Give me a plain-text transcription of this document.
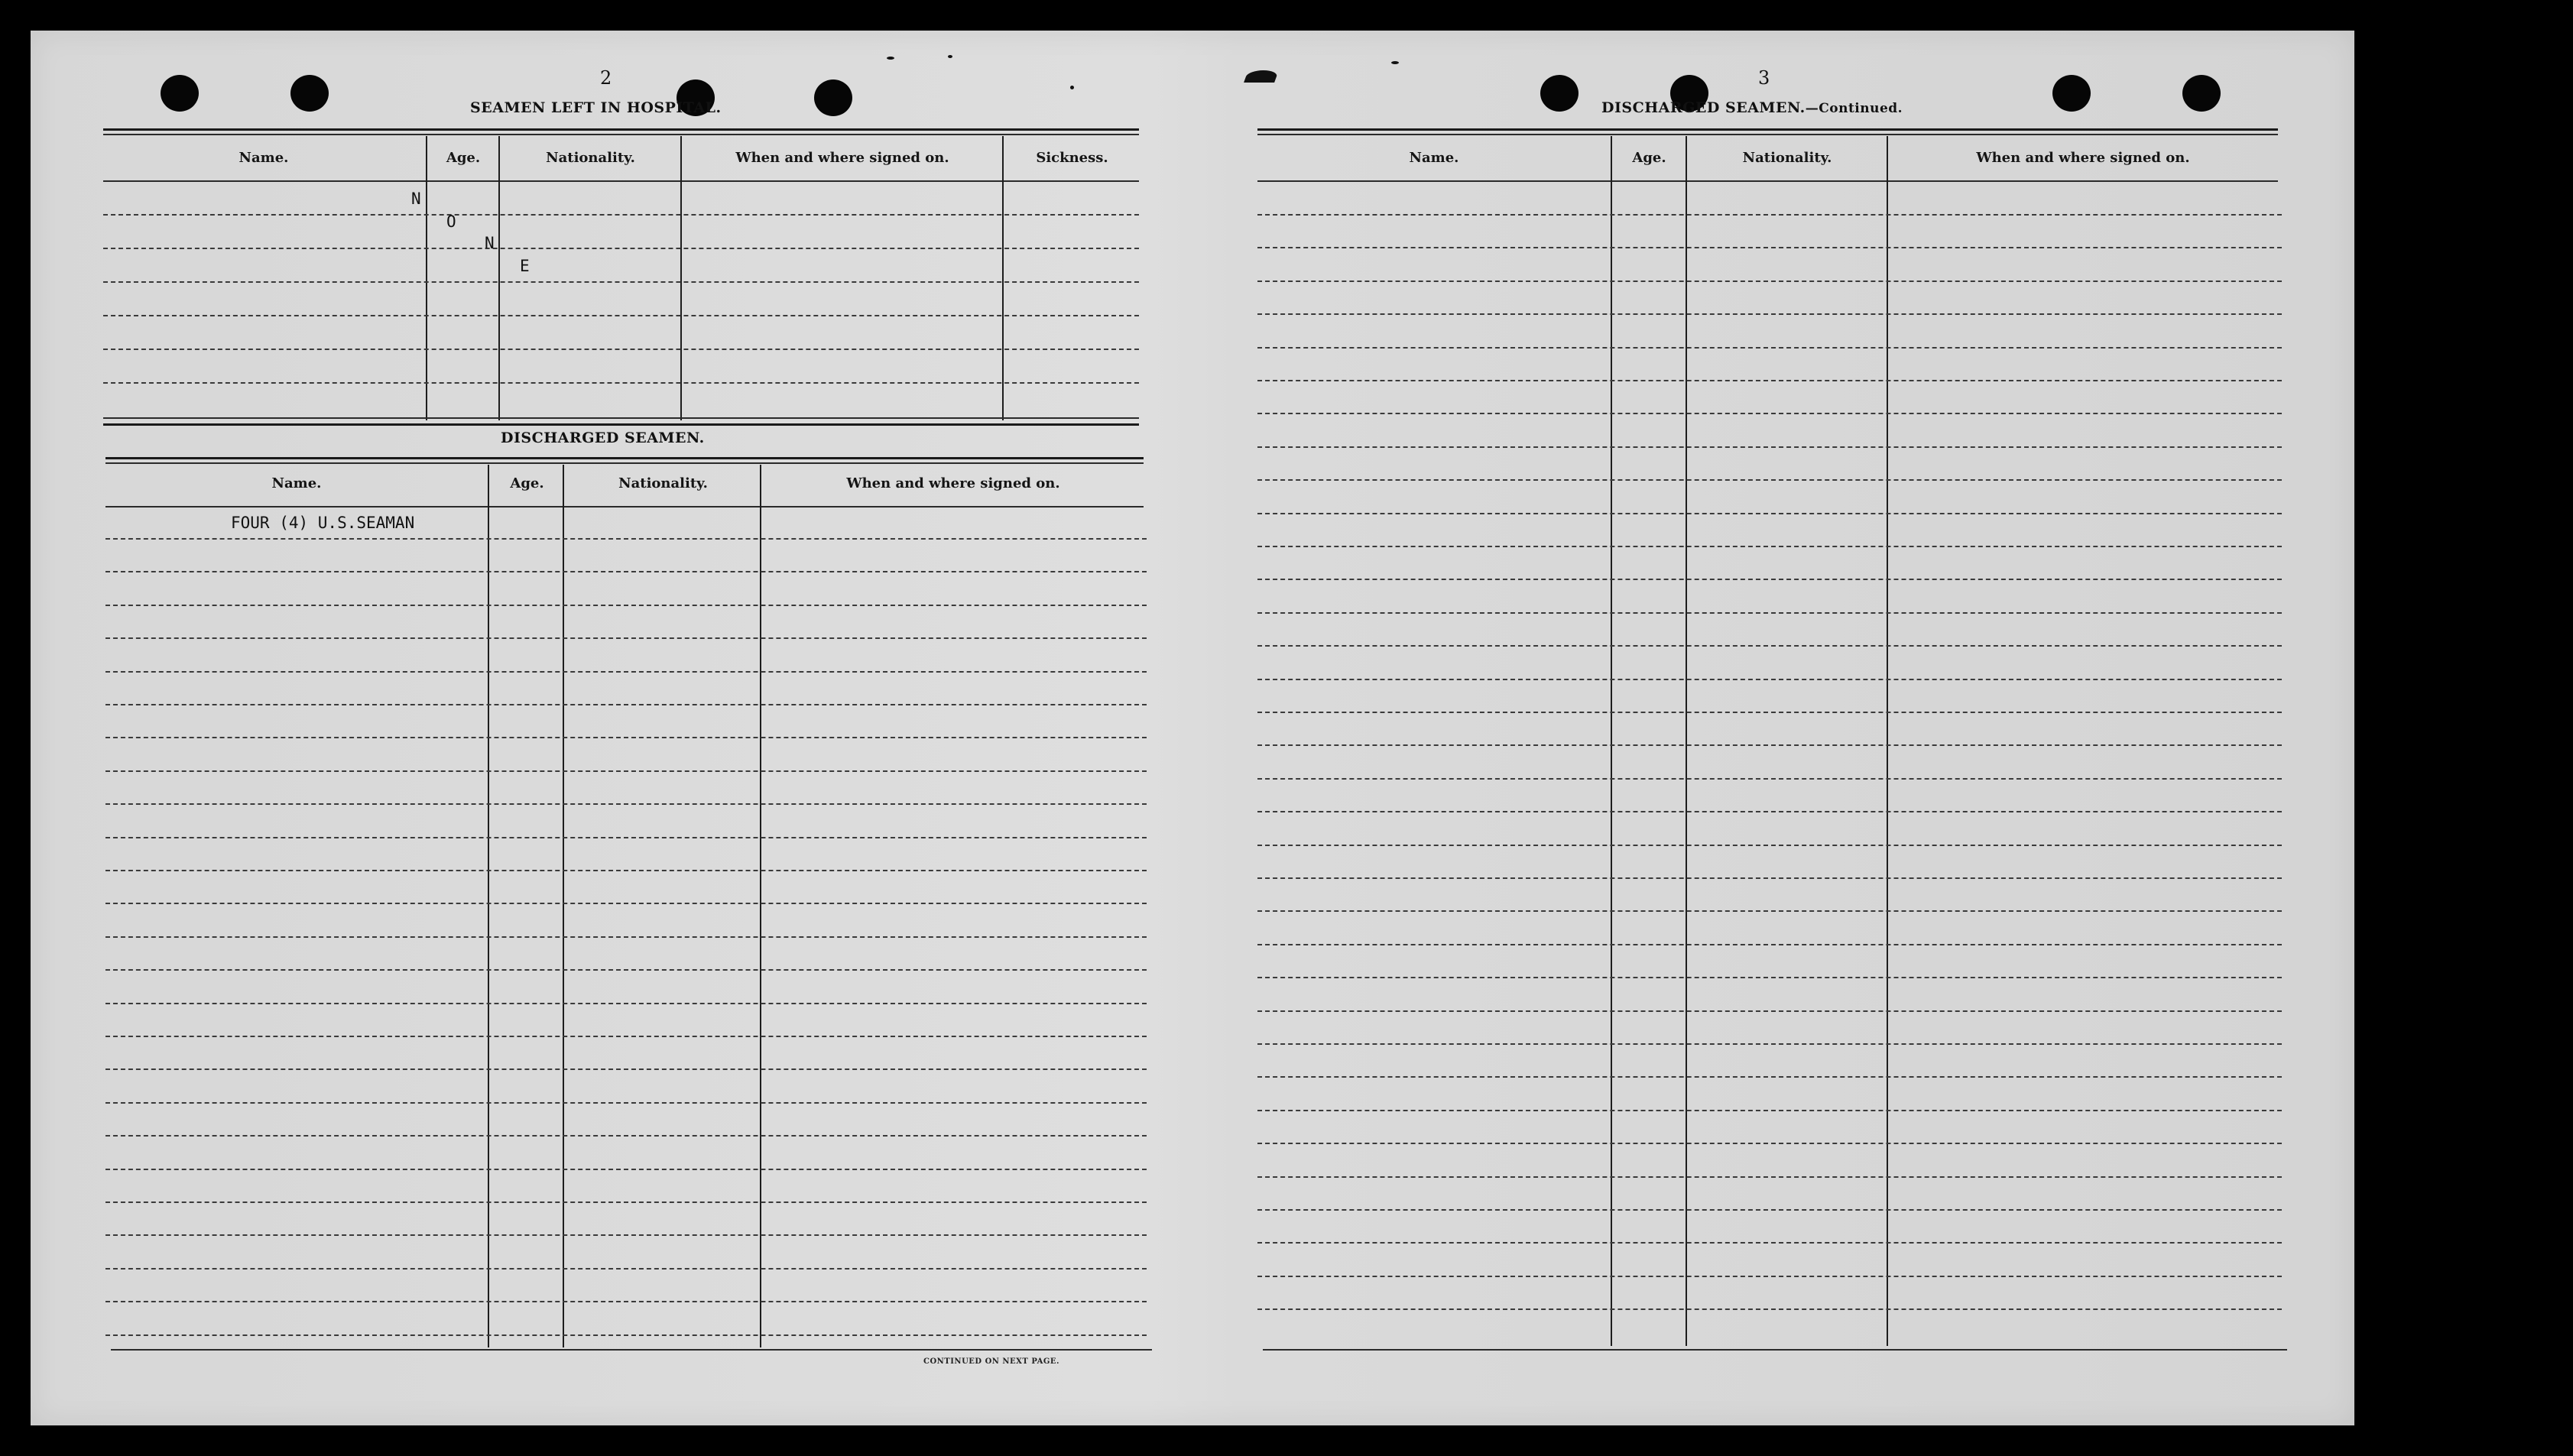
2
SEAMEN LEFT IN HOSPITAL.
Name.	Age.	Nationality.	When and where signed on.	Sickness.
N
O
N
E
DISCHARGED SEAMEN.
Name.	Age.	Nationality.	When and where signed on.
FOUR (4) U.S.SEAMAN
CONTINUED ON NEXT PAGE.
3
DISCHARGED SEAMEN.—Continued.
Name.	Age.	Nationality.	When and where signed on.
